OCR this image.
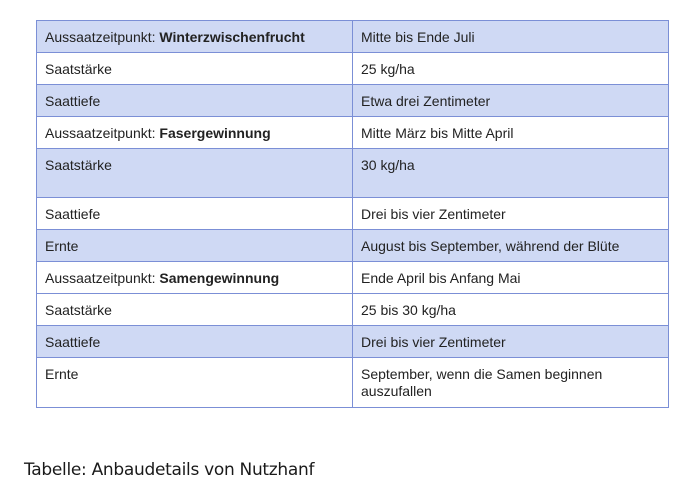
Aussaatzeitpunkt: Winterzwischenfrucht	Mitte bis Ende Juli

Saatstärke	25 kg/ha

Saattiefe	Etwa drei Zentimeter

Aussaatzeitpunkt: Fasergewinnung	Mitte März bis Mitte April

Saatstärke	30 kg/ha

Saattiefe	Drei bis vier Zentimeter

Ernte	August bis September, während der Blüte

Aussaatzeitpunkt: Samengewinnung	Ende April bis Anfang Mai

Saatstärke	25 bis 30 kg/ha

Saattiefe	Drei bis vier Zentimeter

Ernte	September, wenn die Samen beginnen auszufallen
Tabelle: Anbaudetails von Nutzhanf
